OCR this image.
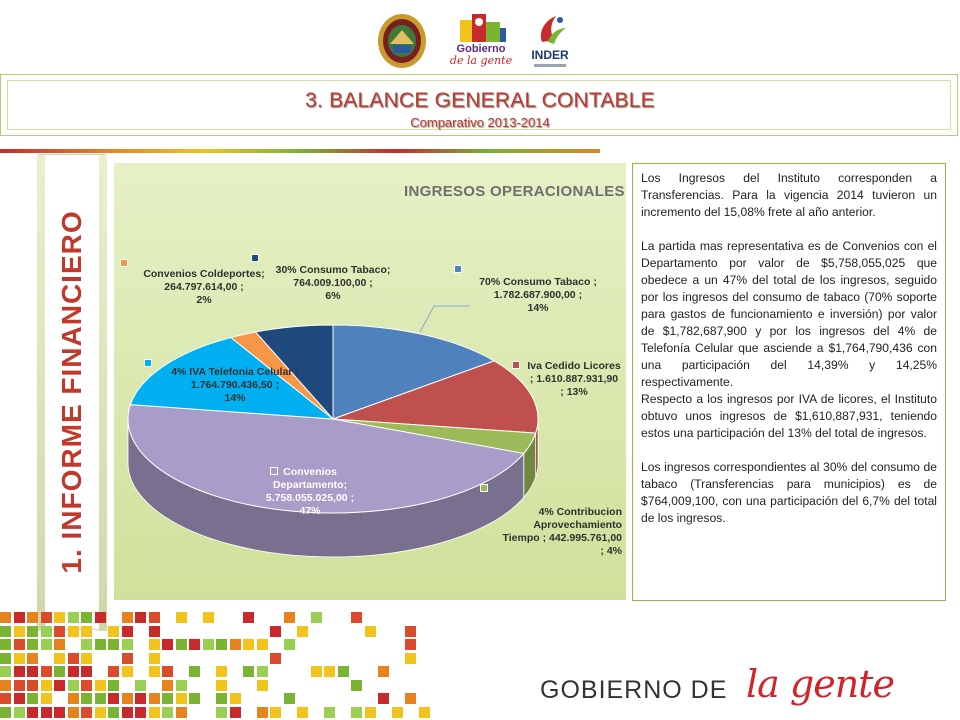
Gobierno
de la gente	INDER
3. BALANCE GENERAL CONTABLE
Comparativo 2013-2014
1. INFORME FINANCIERO
INGRESOS OPERACIONALES
70% Consumo Tabaco ;
1.782.687.900,00 ;
14%
Iva Cedido Licores
; 1.610.887.931,90
; 13%
4% Contribucion
Aprovechamiento
Tiempo ; 442.995.761,00
; 4%
Convenios
Departamento;
5.758.055.025,00 ;
47%
4% IVA Telefonia Celular ;
1.764.790.436,50 ;
14%
Convenios Coldeportes;
264.797.614,00 ;
2%
30% Consumo Tabaco;
764.009.100,00 ;
6%

Los Ingresos del Instituto corresponden a Transferencias. Para la vigencia 2014 tuvieron un incremento del 15,08% frete al año anterior.

La partida mas representativa es de Convenios con el Departamento por valor de $5,758,055,025 que obedece a un 47% del total de los ingresos, seguido por los ingresos del consumo de tabaco (70% soporte para gastos de funcionamiento e inversión) por valor de $1,782,687,900 y por los ingresos del 4% de Telefonía Celular que asciende a $1,764,790,436 con una participación del 14,39% y 14,25% respectivamente.

Respecto a los ingresos por IVA de licores, el Instituto obtuvo unos ingresos de $1,610,887,931, teniendo estos una participación del 13% del total de ingresos.

Los ingresos correspondientes al 30% del consumo de tabaco (Transferencias para municipios) es de $764,009,100, con una participación del 6,7% del total de los ingresos.

GOBIERNO DE la gente
